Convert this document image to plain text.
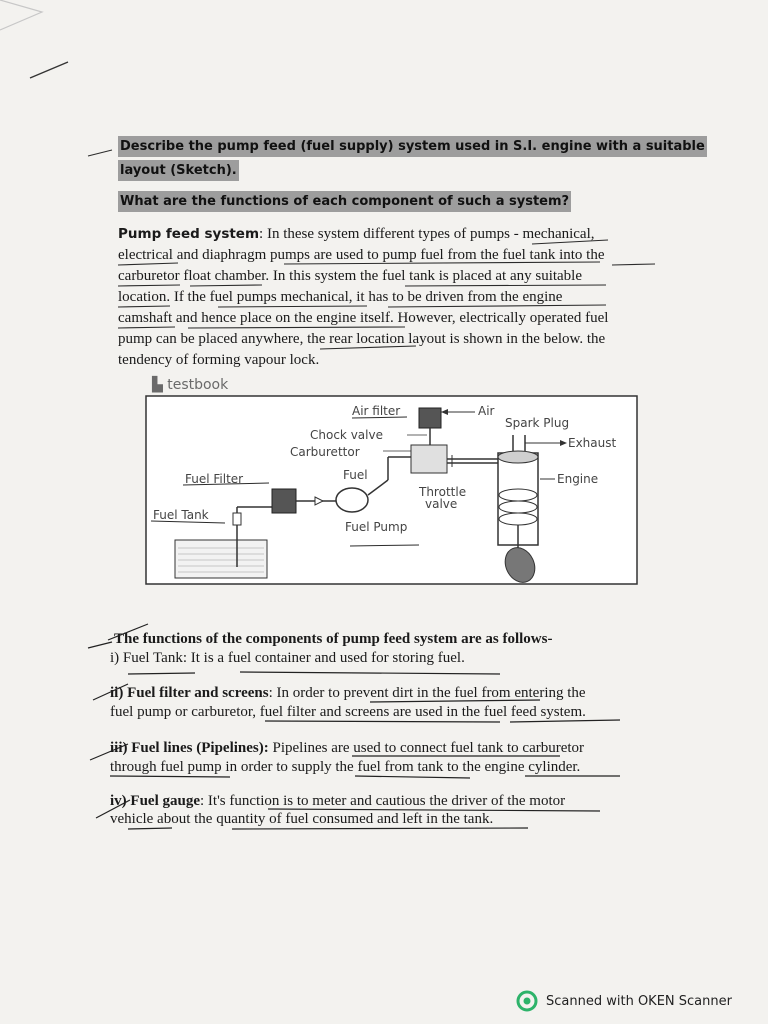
Describe the pump feed (fuel supply) system used in S.I. engine with a suitable
layout (Sketch).
What are the functions of each component of such a system?
Pump feed system: In these system different types of pumps - mechanical,
electrical and diaphragm pumps are used to pump fuel from the fuel tank into the
carburetor float chamber. In this system the fuel tank is placed at any suitable
location. If the fuel pumps mechanical, it has to be driven from the engine
camshaft and hence place on the engine itself. However, electrically operated fuel
pump can be placed anywhere, the rear location layout is shown in the below. the
tendency of forming vapour lock.
▙ testbook
Air filter	Air
Spark Plug
Chock valve
Exhaust
Carburettor
Fuel
Fuel Filter	Engine
Throttle
valve
Fuel Tank
Fuel Pump
The functions of the components of pump feed system are as follows-
i) Fuel Tank: It is a fuel container and used for storing fuel.
ii) Fuel filter and screens: In order to prevent dirt in the fuel from entering the
fuel pump or carburetor, fuel filter and screens are used in the fuel feed system.
iii) Fuel lines (Pipelines): Pipelines are used to connect fuel tank to carburetor
through fuel pump in order to supply the fuel from tank to the engine cylinder.
iv) Fuel gauge: It's function is to meter and cautious the driver of the motor
vehicle about the quantity of fuel consumed and left in the tank.
Scanned with OKEN Scanner
